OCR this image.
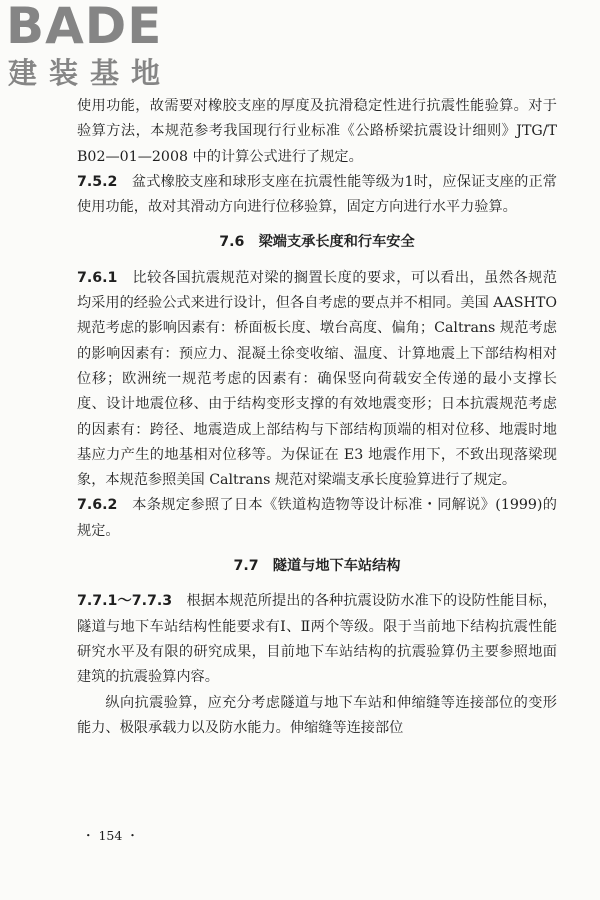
BADE
建装基地

使用功能，故需要对橡胶支座的厚度及抗滑稳定性进行抗震性能验算。对于验算方法，本规范参考我国现行行业标准《公路桥梁抗震设计细则》JTG/T B02—01—2008 中的计算公式进行了规定。

7.5.2　 盆式橡胶支座和球形支座在抗震性能等级为1时，应保证支座的正常使用功能，故对其滑动方向进行位移验算，固定方向进行水平力验算。

7.6　梁端支承长度和行车安全

7.6.1　 比较各国抗震规范对梁的搁置长度的要求，可以看出，虽然各规范均采用的经验公式来进行设计，但各自考虑的要点并不相同。美国 AASHTO 规范考虑的影响因素有：桥面板长度、墩台高度、偏角；Caltrans 规范考虑的影响因素有：预应力、混凝土徐变收缩、温度、计算地震上下部结构相对位移；欧洲统一规范考虑的因素有：确保竖向荷载安全传递的最小支撑长度、设计地震位移、由于结构变形支撑的有效地震变形；日本抗震规范考虑的因素有：跨径、地震造成上部结构与下部结构顶端的相对位移、地震时地基应力产生的地基相对位移等。为保证在 E3 地震作用下，不致出现落梁现象，本规范参照美国 Caltrans 规范对梁端支承长度验算进行了规定。

7.6.2　 本条规定参照了日本《铁道构造物等设计标准・同解说》(1999)的规定。

7.7　隧道与地下车站结构

7.7.1～7.7.3　 根据本规范所提出的各种抗震设防水准下的设防性能目标，隧道与地下车站结构性能要求有Ⅰ、Ⅱ两个等级。限于当前地下结构抗震性能研究水平及有限的研究成果，目前地下车站结构的抗震验算仍主要参照地面建筑的抗震验算内容。

纵向抗震验算，应充分考虑隧道与地下车站和伸缩缝等连接部位的变形能力、极限承载力以及防水能力。伸缩缝等连接部位

・ 154 ・
